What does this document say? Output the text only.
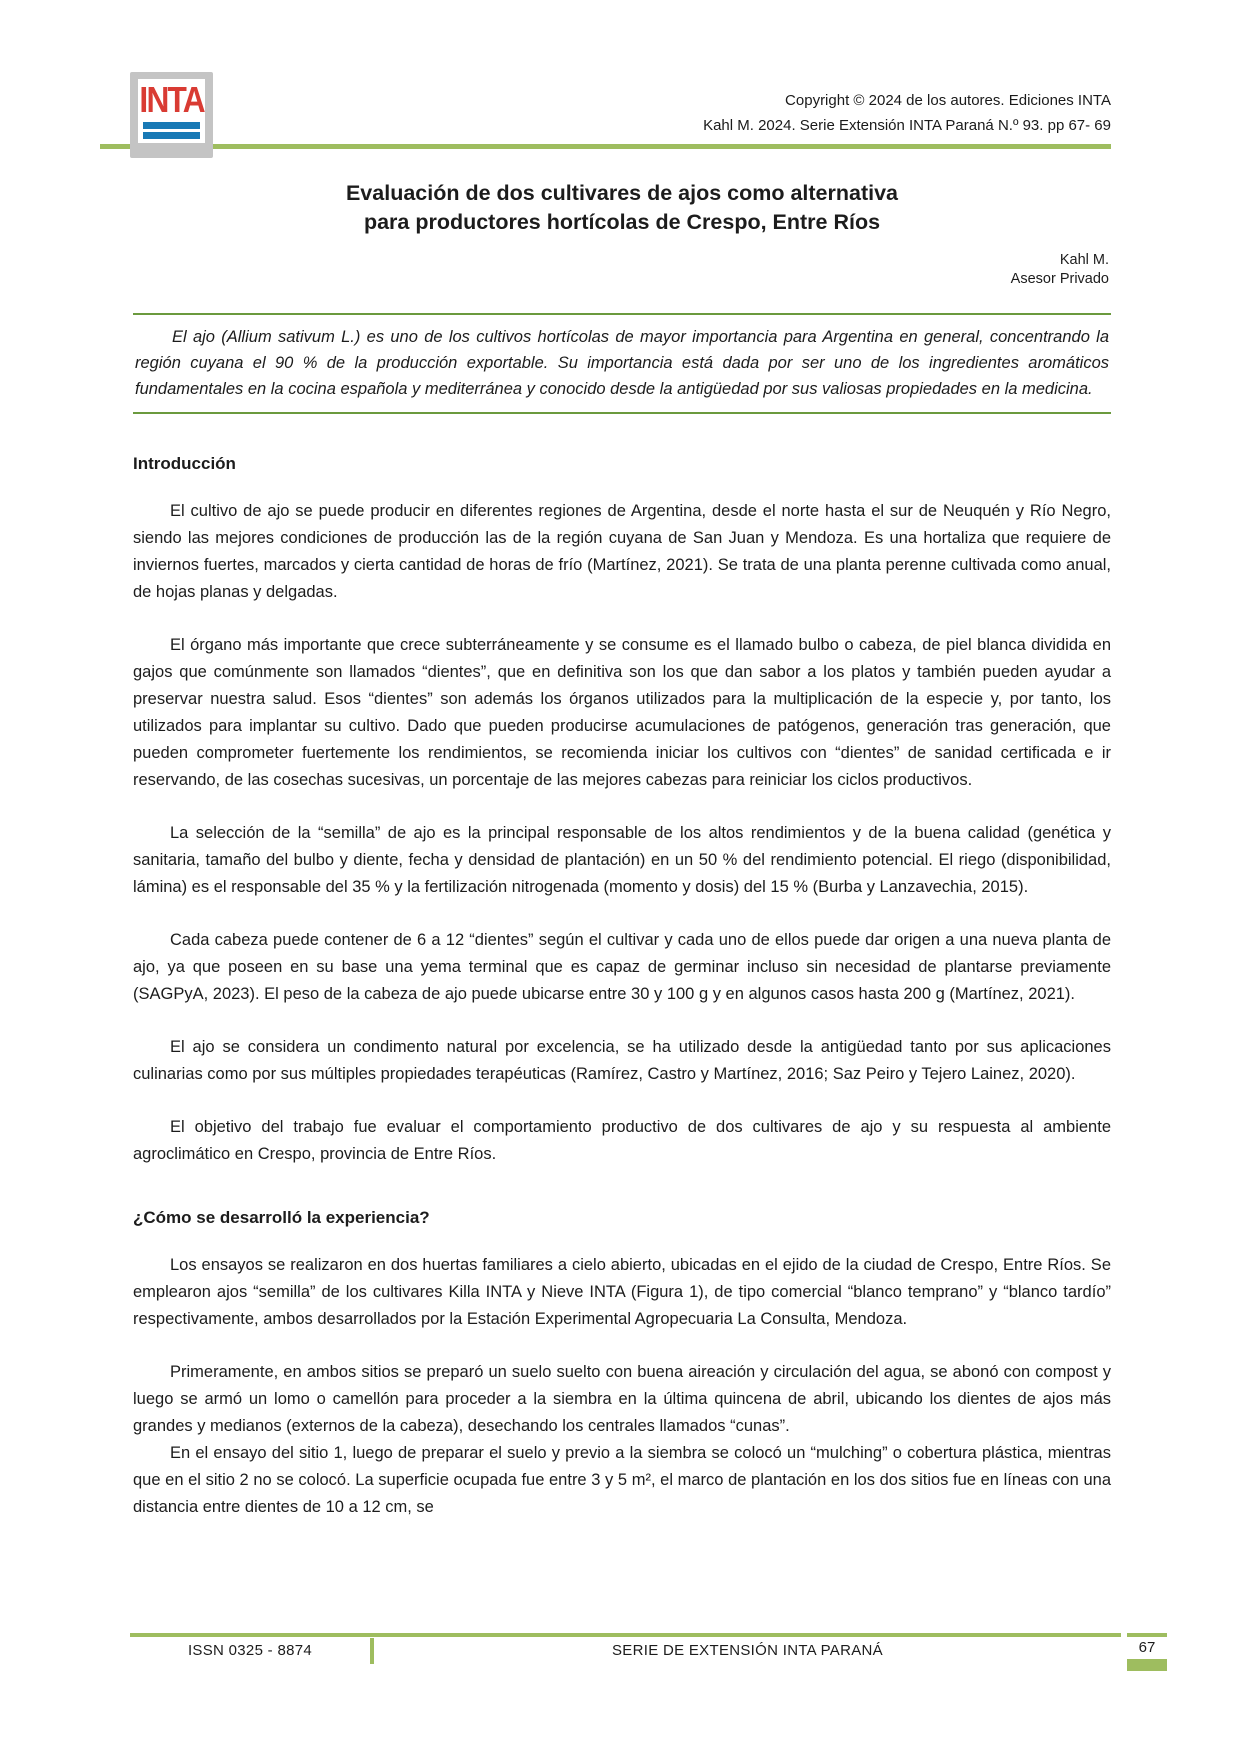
INTA	Copyright © 2024 de los autores. Ediciones INTA
Kahl M. 2024. Serie Extensión INTA Paraná N.º 93. pp 67- 69
Evaluación de dos cultivares de ajos como alternativa
para productores hortícolas de Crespo, Entre Ríos
Kahl M.
Asesor Privado

El ajo (Allium sativum L.) es uno de los cultivos hortícolas de mayor importancia para Argentina en general, concentrando la región cuyana el 90 % de la producción exportable. Su importancia está dada por ser uno de los ingredientes aromáticos fundamentales en la cocina española y mediterránea y conocido desde la antigüedad por sus valiosas propiedades en la medicina.

Introducción

El cultivo de ajo se puede producir en diferentes regiones de Argentina, desde el norte hasta el sur de Neuquén y Río Negro, siendo las mejores condiciones de producción las de la región cuyana de San Juan y Mendoza. Es una hortaliza que requiere de inviernos fuertes, marcados y cierta cantidad de horas de frío (Martínez, 2021). Se trata de una planta perenne cultivada como anual, de hojas planas y delgadas.

El órgano más importante que crece subterráneamente y se consume es el llamado bulbo o cabeza, de piel blanca dividida en gajos que comúnmente son llamados “dientes”, que en definitiva son los que dan sabor a los platos y también pueden ayudar a preservar nuestra salud. Esos “dientes” son además los órganos utilizados para la multiplicación de la especie y, por tanto, los utilizados para implantar su cultivo. Dado que pueden producirse acumulaciones de patógenos, generación tras generación, que pueden comprometer fuertemente los rendimientos, se recomienda iniciar los cultivos con “dientes” de sanidad certificada e ir reservando, de las cosechas sucesivas, un porcentaje de las mejores cabezas para reiniciar los ciclos productivos.

La selección de la “semilla” de ajo es la principal responsable de los altos rendimientos y de la buena calidad (genética y sanitaria, tamaño del bulbo y diente, fecha y densidad de plantación) en un 50 % del rendimiento potencial. El riego (disponibilidad, lámina) es el responsable del 35 % y la fertilización nitrogenada (momento y dosis) del 15 % (Burba y Lanzavechia, 2015).

Cada cabeza puede contener de 6 a 12 “dientes” según el cultivar y cada uno de ellos puede dar origen a una nueva planta de ajo, ya que poseen en su base una yema terminal que es capaz de germinar incluso sin necesidad de plantarse previamente (SAGPyA, 2023). El peso de la cabeza de ajo puede ubicarse entre 30 y 100 g y en algunos casos hasta 200 g (Martínez, 2021).

El ajo se considera un condimento natural por excelencia, se ha utilizado desde la antigüedad tanto por sus aplicaciones culinarias como por sus múltiples propiedades terapéuticas (Ramírez, Castro y Martínez, 2016; Saz Peiro y Tejero Lainez, 2020).

El objetivo del trabajo fue evaluar el comportamiento productivo de dos cultivares de ajo y su respuesta al ambiente agroclimático en Crespo, provincia de Entre Ríos.

¿Cómo se desarrolló la experiencia?

Los ensayos se realizaron en dos huertas familiares a cielo abierto, ubicadas en el ejido de la ciudad de Crespo, Entre Ríos. Se emplearon ajos “semilla” de los cultivares Killa INTA y Nieve INTA (Figura 1), de tipo comercial “blanco temprano” y “blanco tardío” respectivamente, ambos desarrollados por la Estación Experimental Agropecuaria La Consulta, Mendoza.

Primeramente, en ambos sitios se preparó un suelo suelto con buena aireación y circulación del agua, se abonó con compost y luego se armó un lomo o camellón para proceder a la siembra en la última quincena de abril, ubicando los dientes de ajos más grandes y medianos (externos de la cabeza), desechando los centrales llamados “cunas”.

En el ensayo del sitio 1, luego de preparar el suelo y previo a la siembra se colocó un “mulching” o cobertura plástica, mientras que en el sitio 2 no se colocó. La superficie ocupada fue entre 3 y 5 m², el marco de plantación en los dos sitios fue en líneas con una distancia entre dientes de 10 a 12 cm, se

ISSN 0325 - 8874	SERIE DE EXTENSIÓN INTA PARANÁ	67
